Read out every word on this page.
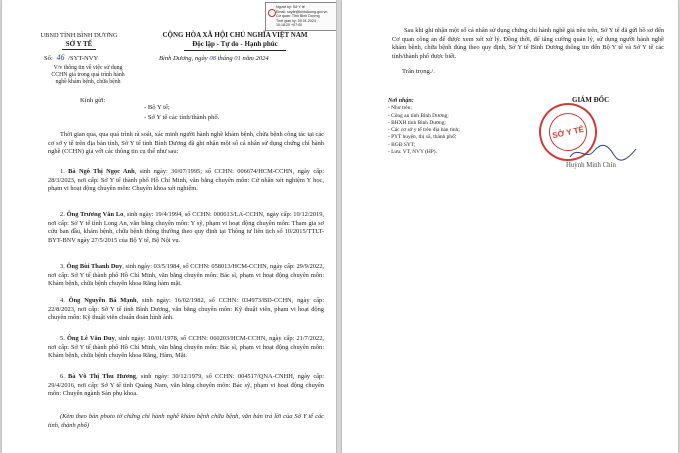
UBND TỈNH BÌNH DƯƠNG
SỞ Y TẾ
Số: 46 /SYT-NVY
V/v thông tin về việc sử dụng
CCHN giả trong quá trình hành
nghề khám bệnh, chữa bệnh
CỘNG HÒA XÃ HỘI CHỦ NGHĨA VIỆT NAM
Độc lập - Tự do - Hạnh phúc
Bình Dương, ngày 08 tháng 01 năm 2024
Kính gửi:
- Bộ Y tế;
- Sở Y tế các tỉnh/thành phố.
Thời gian qua, qua quá trình rà soát, xác minh người hành nghề khám bệnh, chữa bệnh công tác tại các cơ sở y tế trên địa bàn tỉnh, Sở Y tế tỉnh Bình Dương đã ghi nhận một số cá nhân sử dụng chứng chỉ hành nghề (CCHN) giả với các thông tin cụ thể như sau:
1. Bà Ngô Thị Ngọc Anh, sinh ngày: 30/07/1995; số CCHN: 006674/HCM-CCHN, ngày cấp: 28/3/2023, nơi cấp: Sở Y tế thành phố Hồ Chí Minh, văn bằng chuyên môn: Cử nhân xét nghiệm Y học, phạm vi hoạt động chuyên môn: Chuyên khoa xét nghiệm.
2. Ông Trương Văn Lo, sinh ngày: 19/4/1994, số CCHN: 000613/LA-CCHN, ngày cấp: 10/12/2019, nơi cấp: Sở Y tế tỉnh Long An, văn bằng chuyên môn: Y sỹ, phạm vi hoạt động chuyên môn: Tham gia sơ cứu ban đầu, khám bệnh, chữa bệnh thông thường theo quy định tại Thông tư liên tịch số 10/2015/TTLT-BYT-BNV ngày 27/5/2015 của Bộ Y tế, Bộ Nội vụ.
3. Ông Bùi Thanh Duy, sinh ngày: 03/5/1984, số CCHN: 058013/HCM-CCHN, ngày cấp: 29/9/2022, nơi cấp: Sở Y tế thành phố Hồ Chí Minh, văn bằng chuyên môn: Bác sĩ, phạm vi hoạt động chuyên môn: Khám bệnh, chữa bệnh chuyên khoa Răng hàm mặt.
4. Ông Nguyễn Bá Mạnh, sinh ngày: 16/02/1982, số CCHN: 034973/BD-CCHN, ngày cấp: 22/8/2023, nơi cấp: Sở Y tế tỉnh Bình Dương, văn bằng chuyên môn: Kỹ thuật viên, phạm vi hoạt động chuyên môn: Kỹ thuật viên chuẩn đoán hình ảnh.
5. Ông Lê Văn Duy, sinh ngày: 10/01/1978, số CCHN: 060203/HCM-CCHN, ngày cấp: 21/7/2022, nơi cấp: Sở Y tế thành phố Hồ Chí Minh, văn bằng chuyên môn: Bác sĩ, phạm vi hoạt động chuyên môn: Khám bệnh, chữa bệnh chuyên khoa Răng, Hàm, Mặt.
6. Bà Võ Thị Thu Hương, sinh ngày: 30/12/1979, số CCHN: 004517/QNA-CNHH, ngày cấp: 29/4/2016, nơi cấp: Sở Y tế tỉnh Quảng Nam, văn bằng chuyên môn: Bác sỹ, phạm vi hoạt động chuyên môn: Chuyên ngành Sản phụ khoa.
(Kèm theo bản photo tờ chứng chỉ hành nghề khám bệnh chữa bệnh, văn bản trả lời của Sở Y tế các tỉnh, thành phố)
Người ký: Sở Y tế
Email: soyte@binhduong.gov.vn
Cơ quan: Tỉnh Bình Dương
Thời gian ký: 09.01.2024
10:18:20 +07:00
Sau khi ghi nhận một số cá nhân sử dụng chứng chỉ hành nghề giả nêu trên, Sở Y tế đã gửi hồ sơ đến Cơ quan công an để được xem xét xử lý. Đồng thời, để tăng cường quản lý, sử dụng người hành nghề khám bệnh, chữa bệnh đúng theo quy định, Sở Y tế Bình Dương thông tin đến Bộ Y tế và Sở Y tế các tỉnh/thành phố được biết.
Trân trọng./.
Nơi nhận:
- Như trên;
- Công an tỉnh Bình Dương;
- BHXH tỉnh Bình Dương;
- Các cơ sở y tế trên địa bàn tỉnh;
- PYT huyện, thị xã, thành phố;
- BGĐ SYT;
- Lưu: VT, NVY (HP).
GIÁM ĐỐC
SỞ Y TẾ
Huỳnh Minh Chín
